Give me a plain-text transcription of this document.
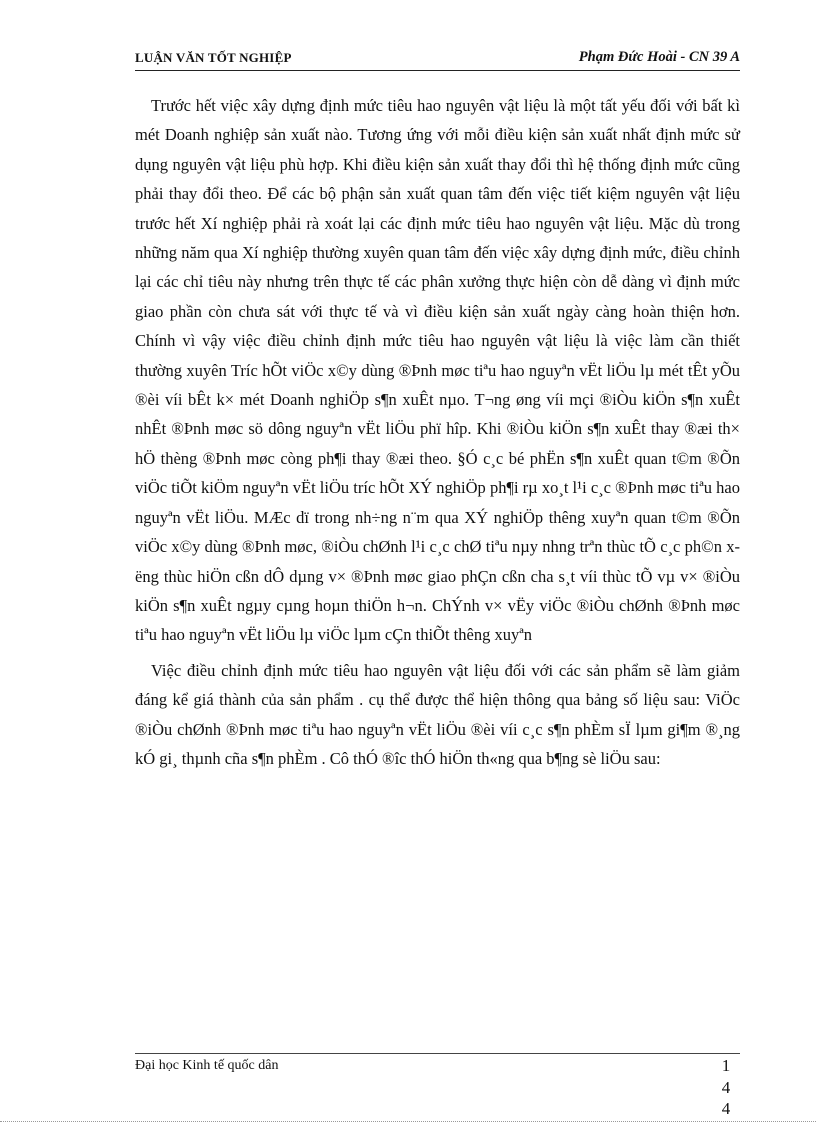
LUẬN VĂN TỐT NGHIỆP	Phạm Đức Hoài - CN 39 A

Trước hết việc xây dựng định mức tiêu hao nguyên vật liệu là một tất yếu đối với bất kì mét Doanh nghiệp sản xuất nào. Tương ứng với mỗi điều kiện sản xuất nhất định mức sử dụng nguyên vật liệu phù hợp. Khi điều kiện sản xuất thay đổi thì hệ thống định mức cũng phải thay đổi theo. Để các bộ phận sản xuất quan tâm đến việc tiết kiệm nguyên vật liệu trước hết Xí nghiệp phải rà xoát lại các định mức tiêu hao nguyên vật liệu. Mặc dù trong những năm qua Xí nghiệp thường xuyên quan tâm đến việc xây dựng định mức, điều chỉnh lại các chỉ tiêu này nhưng trên thực tế các phân xưởng thực hiện còn dễ dàng vì định mức giao phần còn chưa sát với thực tế và vì điều kiện sản xuất ngày càng hoàn thiện hơn. Chính vì vậy việc điều chỉnh định mức tiêu hao nguyên vật liệu là việc làm cần thiết thường xuyên Tríc hÕt viÖc x©y dùng ®Þnh møc tiªu hao nguyªn vËt liÖu lµ mét tÊt yÕu ®èi víi bÊt k× mét Doanh nghiÖp s¶n xuÊt nµo. T¬ng øng víi mçi ®iÒu kiÖn s¶n xuÊt nhÊt ®Þnh møc sö dông nguyªn vËt liÖu phï hîp. Khi ®iÒu kiÖn s¶n xuÊt thay ®æi th× hÖ thèng ®Þnh møc còng ph¶i thay ®æi theo. §Ó c¸c bé phËn s¶n xuÊt quan t©m ®Õn viÖc tiÕt kiÖm nguyªn vËt liÖu tríc hÕt XÝ nghiÖp ph¶i rµ xo¸t l¹i c¸c ®Þnh møc tiªu hao nguyªn vËt liÖu. MÆc dï trong nh÷ng n¨m qua XÝ nghiÖp thêng xuyªn quan t©m ®Õn viÖc x©y dùng ®Þnh møc, ®iÒu chØnh l¹i c¸c chØ tiªu nµy nhng trªn thùc tÕ c¸c ph©n xëng thùc hiÖn cßn dÔ dµng v× ®Þnh møc giao phÇn cßn cha s¸t víi thùc tÕ vµ v× ®iÒu kiÖn s¶n xuÊt ngµy cµng hoµn thiÖn h¬n. ChÝnh v× vËy viÖc ®iÒu chØnh ®Þnh møc tiªu hao nguyªn vËt liÖu lµ viÖc lµm cÇn thiÕt thêng xuyªn

Việc điều chỉnh định mức tiêu hao nguyên vật liệu đối với các sản phẩm sẽ làm giảm đáng kể giá thành của sản phẩm . cụ thể được thể hiện thông qua bảng số liệu sau: ViÖc ®iÒu chØnh ®Þnh møc tiªu hao nguyªn vËt liÖu ®èi víi c¸c s¶n phÈm sÏ lµm gi¶m ®¸ng kÓ gi¸ thµnh cña s¶n phÈm . Cô thÓ ®îc thÓ hiÖn th«ng qua b¶ng sè liÖu sau:

Đại học Kinh tế quốc dân	1
4
4
